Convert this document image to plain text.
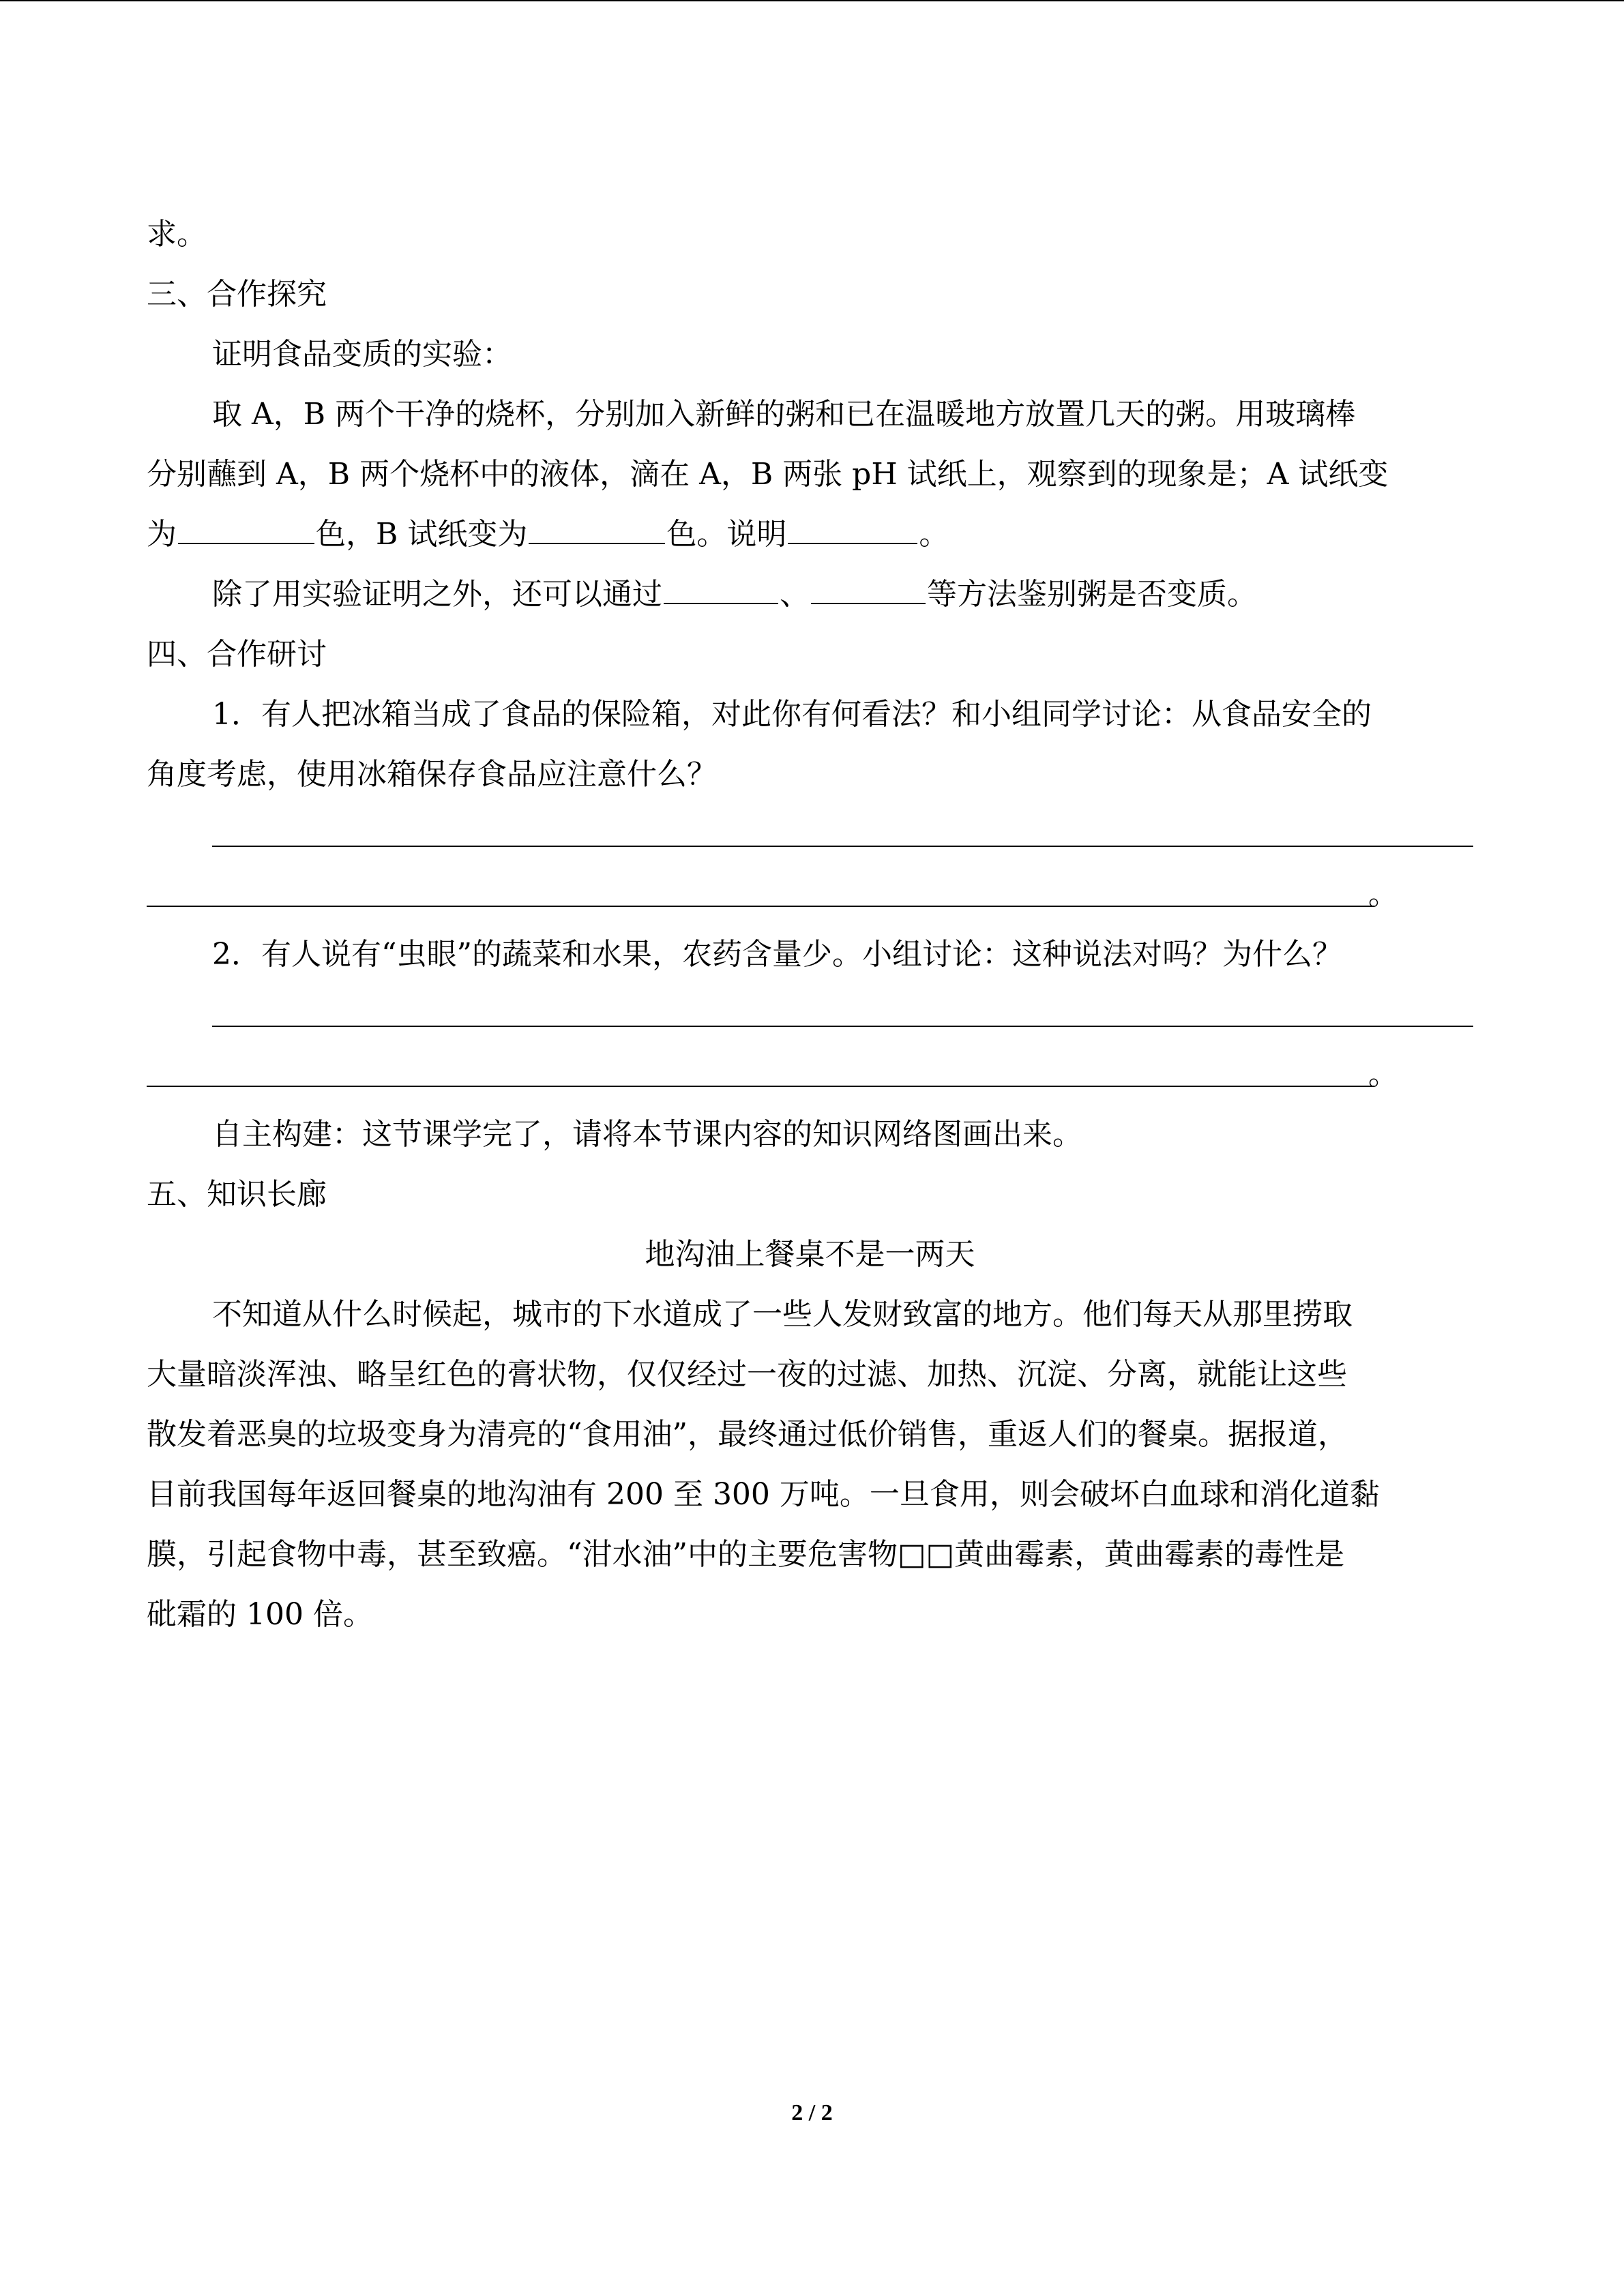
求。
三、合作探究
证明食品变质的实验：
取 A，B 两个干净的烧杯，分别加入新鲜的粥和已在温暖地方放置几天的粥。用玻璃棒
分别蘸到 A，B 两个烧杯中的液体，滴在 A，B 两张 pH 试纸上，观察到的现象是；A 试纸变
为	色，B 试纸变为	色。说明	。
除了用实验证明之外，还可以通过	、	等方法鉴别粥是否变质。
四、合作研讨
1．有人把冰箱当成了食品的保险箱，对此你有何看法？和小组同学讨论：从食品安全的
角度考虑，使用冰箱保存食品应注意什么？
。
2．有人说有“虫眼”的蔬菜和水果，农药含量少。小组讨论：这种说法对吗？为什么？
。
自主构建：这节课学完了，请将本节课内容的知识网络图画出来。
五、知识长廊
地沟油上餐桌不是一两天
不知道从什么时候起，城市的下水道成了一些人发财致富的地方。他们每天从那里捞取
大量暗淡浑浊、略呈红色的膏状物，仅仅经过一夜的过滤、加热、沉淀、分离，就能让这些
散发着恶臭的垃圾变身为清亮的“食用油”，最终通过低价销售，重返人们的餐桌。据报道，
目前我国每年返回餐桌的地沟油有 200 至 300 万吨。一旦食用，则会破坏白血球和消化道黏
膜，引起食物中毒，甚至致癌。“泔水油”中的主要危害物□□黄曲霉素，黄曲霉素的毒性是
砒霜的 100 倍。
2 / 2
